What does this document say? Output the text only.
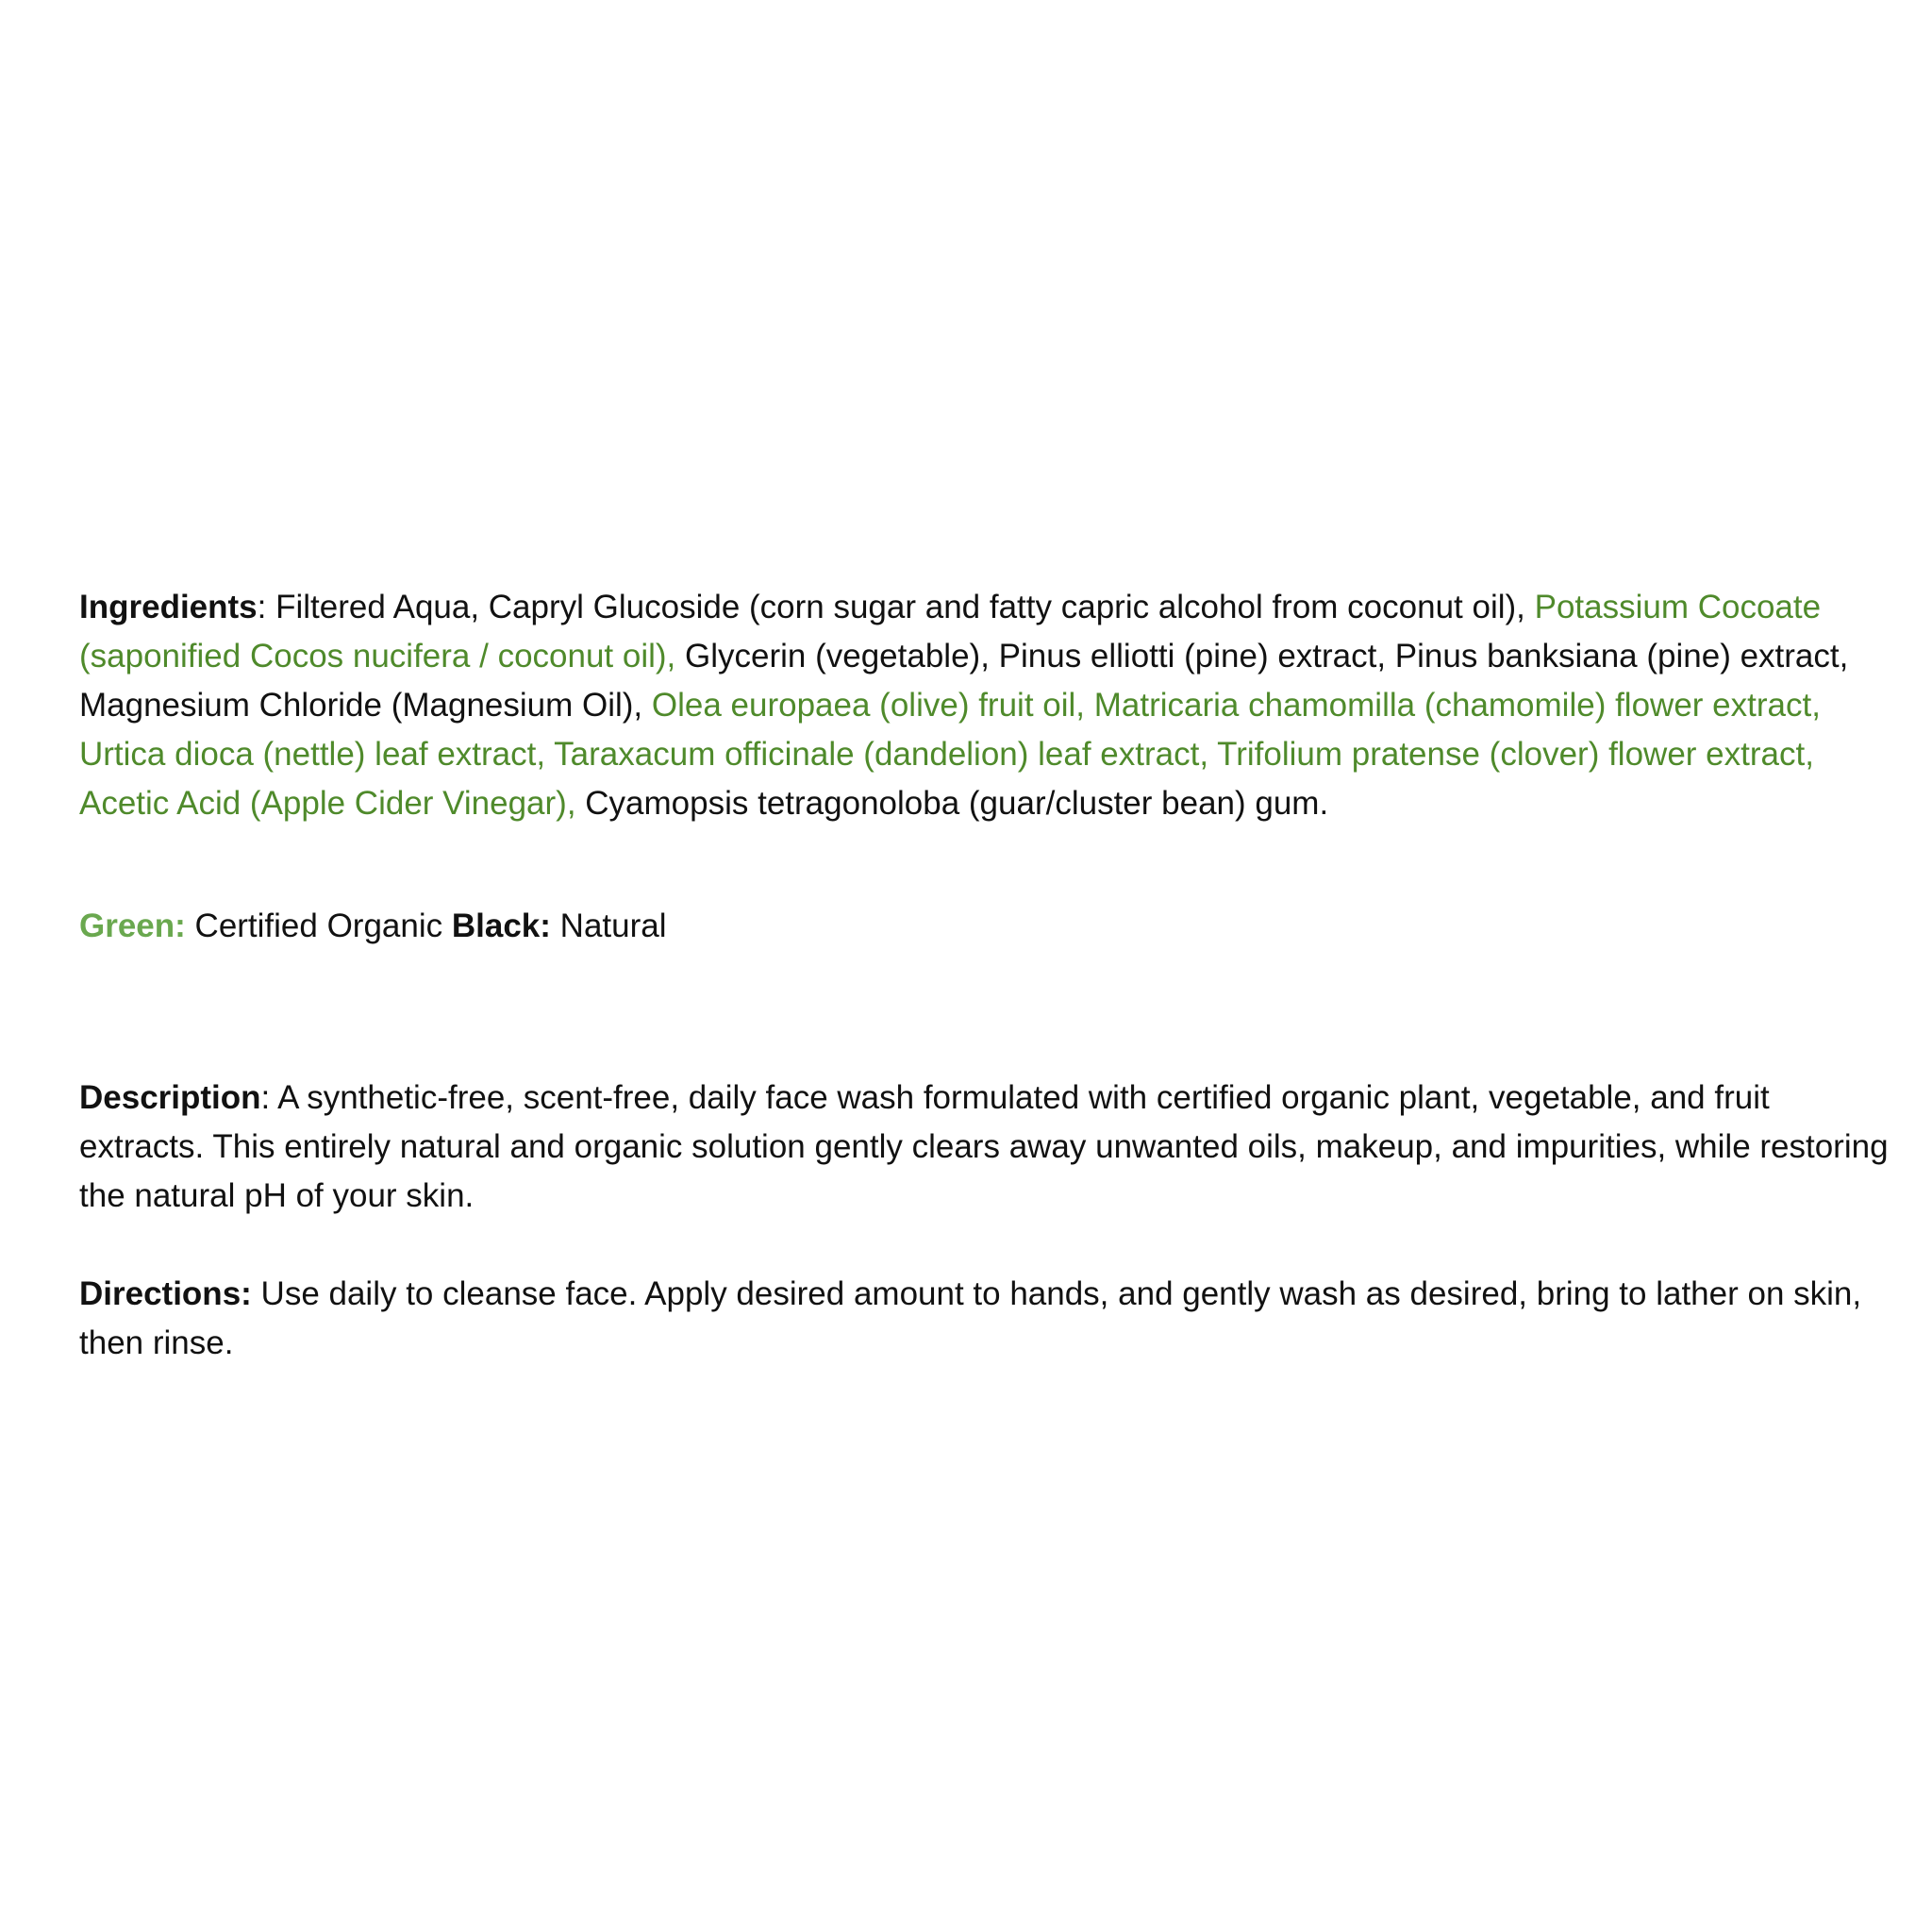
Ingredients: Filtered Aqua, Capryl Glucoside (corn sugar and fatty capric alcohol from coconut oil), Potassium Cocoate (saponified Cocos nucifera / coconut oil), Glycerin (vegetable), Pinus elliotti (pine) extract, Pinus banksiana (pine) extract, Magnesium Chloride (Magnesium Oil), Olea europaea (olive) fruit oil, Matricaria chamomilla (chamomile) flower extract, Urtica dioca (nettle) leaf extract, Taraxacum officinale (dandelion) leaf extract, Trifolium pratense (clover) flower extract, Acetic Acid (Apple Cider Vinegar), Cyamopsis tetragonoloba (guar/cluster bean) gum.

Green: Certified Organic Black: Natural

Description: A synthetic-free, scent-free, daily face wash formulated with certified organic plant, vegetable, and fruit extracts. This entirely natural and organic solution gently clears away unwanted oils, makeup, and impurities, while restoring the natural pH of your skin.

Directions: Use daily to cleanse face. Apply desired amount to hands, and gently wash as desired, bring to lather on skin, then rinse.
